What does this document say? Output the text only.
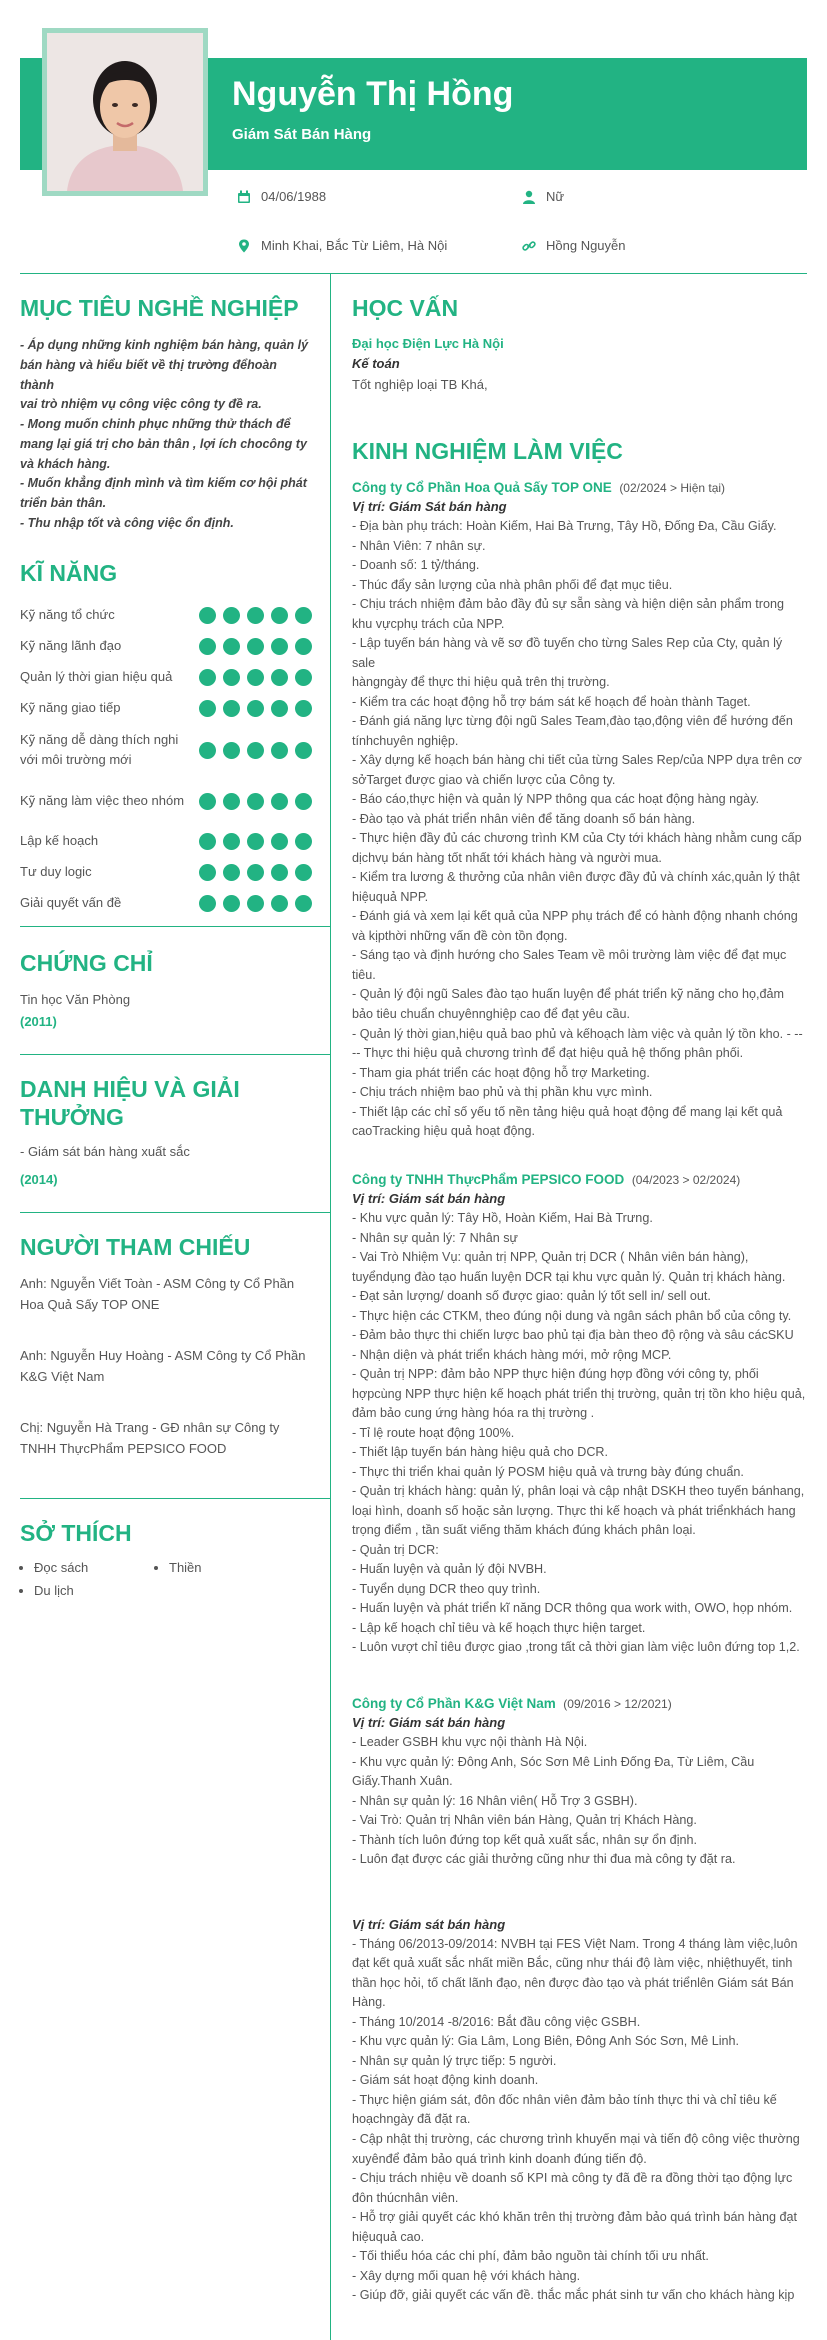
Nguyễn Thị Hồng
Giám Sát Bán Hàng
04/06/1988	Nữ
Minh Khai, Bắc Từ Liêm, Hà Nội	Hồng Nguyễn
MỤC TIÊU NGHỀ NGHIỆP
- Áp dụng những kinh nghiệm bán hàng, quản lý
bán hàng và hiểu biết về thị trường đểhoàn thành
vai trò nhiệm vụ công việc công ty đề ra.
- Mong muốn chinh phục những thử thách để
mang lại giá trị cho bản thân , lợi ích chocông ty
và khách hàng.
- Muốn khẳng định mình và tìm kiếm cơ hội phát
triển bản thân.
- Thu nhập tốt và công việc ổn định.
KĨ NĂNG
Kỹ năng tổ chức
Kỹ năng lãnh đạo
Quản lý thời gian hiệu quả
Kỹ năng giao tiếp
Kỹ năng dễ dàng thích nghi với môi trường mới
Kỹ năng làm việc theo nhóm
Lập kế hoạch
Tư duy logic
Giải quyết vấn đề
CHỨNG CHỈ
Tin học Văn Phòng
(2011)
DANH HIỆU VÀ GIẢI THƯỞNG
- Giám sát bán hàng xuất sắc
(2014)
NGƯỜI THAM CHIẾU
Anh: Nguyễn Viết Toàn - ASM Công ty Cổ Phần Hoa Quả Sấy TOP ONE
Anh: Nguyễn Huy Hoàng - ASM Công ty Cổ Phần K&G Việt Nam
Chị: Nguyễn Hà Trang - GĐ nhân sự Công ty TNHH ThựcPhẩm PEPSICO FOOD
SỞ THÍCH
• Đọc sách
•	Thiền
• Du lịch
HỌC VẤN
Đại học Điện Lực Hà Nội
Kế toán
Tốt nghiệp loại TB Khá,
KINH NGHIỆM LÀM VIỆC
Công ty Cổ Phần Hoa Quả Sấy TOP ONE (02/2024 > Hiện tại)
Vị trí: Giám Sát bán hàng
- Địa bàn phụ trách: Hoàn Kiếm, Hai Bà Trưng, Tây Hồ, Đống Đa, Cầu Giấy.
- Nhân Viên: 7 nhân sự.
- Doanh số: 1 tỷ/tháng.
- Thúc đẩy sản lượng của nhà phân phối để đạt mục tiêu.
- Chịu trách nhiệm đảm bảo đầy đủ sự sẵn sàng và hiện diện sản phẩm trong
khu vựcphụ trách của NPP.
- Lập tuyến bán hàng và vẽ sơ đồ tuyến cho từng Sales Rep của Cty, quản lý sale
hàngngày để thực thi hiệu quả trên thị trường.
- Kiểm tra các hoạt động hỗ trợ bám sát kế hoạch để hoàn thành Taget.
- Đánh giá năng lực từng đội ngũ Sales Team,đào tạo,động viên để hướng đến
tínhchuyên nghiệp.
- Xây dựng kế hoạch bán hàng chi tiết của từng Sales Rep/của NPP dựa trên cơ
sởTarget được giao và chiến lược của Công ty.
- Báo cáo,thực hiện và quản lý NPP thông qua các hoạt động hàng ngày.
- Đào tạo và phát triển nhân viên để tăng doanh số bán hàng.
- Thực hiện đầy đủ các chương trình KM của Cty tới khách hàng nhằm cung cấp
dịchvụ bán hàng tốt nhất tới khách hàng và người mua.
- Kiểm tra lương & thưởng của nhân viên được đầy đủ và chính xác,quản lý thật
hiệuquả NPP.
- Đánh giá và xem lại kết quả của NPP phụ trách để có hành động nhanh chóng
và kịpthời những vấn đề còn tồn đọng.
- Sáng tạo và định hướng cho Sales Team về môi trường làm việc để đạt mục
tiêu.
- Quản lý đội ngũ Sales đào tạo huấn luyện để phát triển kỹ năng cho họ,đảm
bảo tiêu chuẩn chuyênnghiệp cao để đạt yêu cầu.
- Quản lý thời gian,hiệu quả bao phủ và kếhoạch làm việc và quản lý tồn kho. - --
-- Thực thi hiệu quả chương trình để đạt hiệu quả hệ thống phân phối.
- Tham gia phát triển các hoạt động hỗ trợ Marketing.
- Chịu trách nhiệm bao phủ và thị phần khu vực mình.
- Thiết lập các chỉ số yếu tố nền tảng hiệu quả hoạt động để mang lại kết quả
caoTracking hiệu quả hoạt động.
Công ty TNHH ThựcPhẩm PEPSICO FOOD (04/2023 > 02/2024)
Vị trí: Giám sát bán hàng
- Khu vực quản lý: Tây Hồ, Hoàn Kiếm, Hai Bà Trưng.
- Nhân sự quản lý: 7 Nhân sự
- Vai Trò Nhiệm Vụ: quản trị NPP, Quản trị DCR ( Nhân viên bán hàng),
tuyểndụng đào tạo huấn luyện DCR tại khu vực quản lý. Quản trị khách hàng.
- Đạt sản lượng/ doanh số được giao: quản lý tốt sell in/ sell out.
- Thực hiện các CTKM, theo đúng nội dung và ngân sách phân bổ của công ty.
- Đảm bảo thực thi chiến lược bao phủ tại địa bàn theo độ rộng và sâu cácSKU
- Nhận diện và phát triển khách hàng mới, mở rộng MCP.
- Quản trị NPP: đảm bảo NPP thực hiện đúng hợp đồng với công ty, phối
hợpcùng NPP thực hiện kế hoạch phát triển thị trường, quản trị tồn kho hiệu quả,
đảm bảo cung ứng hàng hóa ra thị trường .
- Tỉ lệ route hoạt động 100%.
- Thiết lập tuyến bán hàng hiệu quả cho DCR.
- Thực thi triển khai quản lý POSM hiệu quả và trưng bày đúng chuẩn.
- Quản trị khách hàng: quản lý, phân loại và cập nhật DSKH theo tuyến bánhang,
loại hình, doanh số hoặc sản lượng. Thực thi kế hoạch và phát triểnkhách hang
trọng điểm , tần suất viếng thăm khách đúng khách phân loại.
- Quản trị DCR:
- Huấn luyện và quản lý đội NVBH.
- Tuyển dụng DCR theo quy trình.
- Huấn luyện và phát triển kĩ năng DCR thông qua work with, OWO, họp nhóm.
- Lập kế hoạch chỉ tiêu và kế hoạch thực hiện target.
- Luôn vượt chỉ tiêu được giao ,trong tất cả thời gian làm việc luôn đứng top 1,2.
Công ty Cổ Phần K&G Việt Nam (09/2016 > 12/2021)
Vị trí: Giám sát bán hàng
- Leader GSBH khu vực nội thành Hà Nội.
- Khu vực quản lý: Đông Anh, Sóc Sơn Mê Linh Đống Đa, Từ Liêm, Cầu
Giấy.Thanh Xuân.
- Nhân sự quản lý: 16 Nhân viên( Hỗ Trợ 3 GSBH).
- Vai Trò: Quản trị Nhân viên bán Hàng, Quản trị Khách Hàng.
- Thành tích luôn đứng top kết quả xuất sắc, nhân sự ổn định.
- Luôn đạt được các giải thưởng cũng như thi đua mà công ty đặt ra.
Vị trí: Giám sát bán hàng
- Tháng 06/2013-09/2014: NVBH tại FES Việt Nam. Trong 4 tháng làm việc,luôn
đạt kết quả xuất sắc nhất miền Bắc, cũng như thái độ làm việc, nhiệthuyết, tinh
thần học hỏi, tố chất lãnh đạo, nên được đào tạo và phát triểnlên Giám sát Bán
Hàng.
- Tháng 10/2014 -8/2016: Bắt đầu công việc GSBH.
- Khu vực quản lý: Gia Lâm, Long Biên, Đông Anh Sóc Sơn, Mê Linh.
- Nhân sự quản lý trực tiếp: 5 người.
- Giám sát hoạt động kinh doanh.
- Thực hiện giám sát, đôn đốc nhân viên đảm bảo tính thực thi và chỉ tiêu kế
hoạchngày đã đặt ra.
- Cập nhật thị trường, các chương trình khuyến mại và tiến độ công việc thường
xuyênđể đảm bảo quá trình kinh doanh đúng tiến độ.
- Chịu trách nhiệu về doanh số KPI mà công ty đã đề ra đồng thời tạo động lực
đôn thúcnhân viên.
- Hỗ trợ giải quyết các khó khăn trên thị trường đảm bảo quá trình bán hàng đạt
hiệuquả cao.
- Tối thiểu hóa các chi phí, đảm bảo nguồn tài chính tối ưu nhất.
- Xây dựng mối quan hệ với khách hàng.
- Giúp đỡ, giải quyết các vấn đề. thắc mắc phát sinh tư vấn cho khách hàng kịp
